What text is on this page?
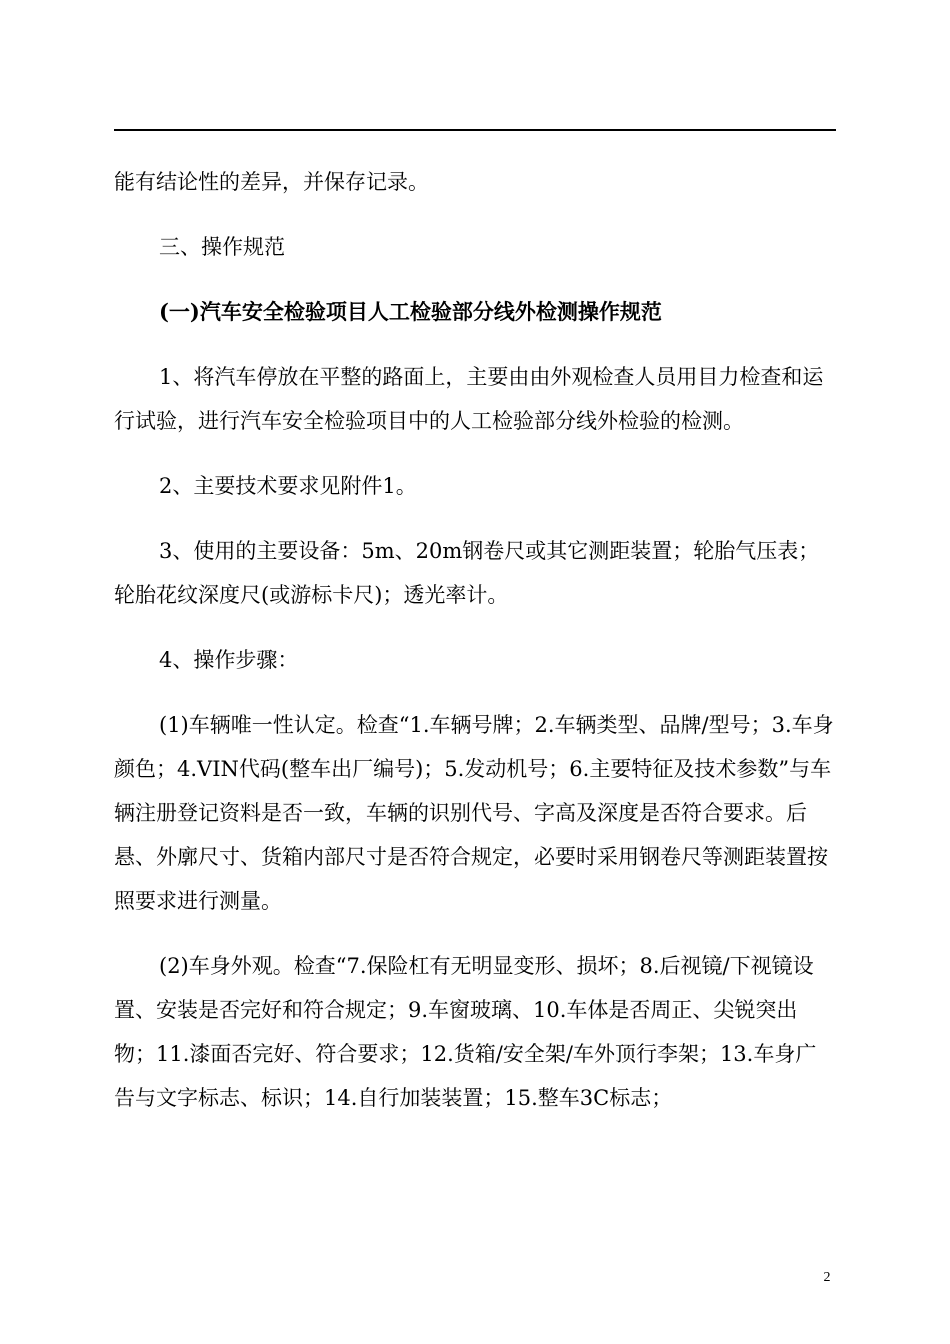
能有结论性的差异，并保存记录。

三、操作规范

(一)汽车安全检验项目人工检验部分线外检测操作规范

1、将汽车停放在平整的路面上，主要由由外观检查人员用目力检查和运行试验，进行汽车安全检验项目中的人工检验部分线外检验的检测。

2、主要技术要求见附件1。

3、使用的主要设备：5m、20m钢卷尺或其它测距装置；轮胎气压表；轮胎花纹深度尺(或游标卡尺)；透光率计。

4、操作步骤：

(1)车辆唯一性认定。检查“1.车辆号牌；2.车辆类型、品牌/型号；3.车身颜色；4.VIN代码(整车出厂编号)；5.发动机号；6.主要特征及技术参数”与车辆注册登记资料是否一致，车辆的识别代号、字高及深度是否符合要求。后悬、外廓尺寸、货箱内部尺寸是否符合规定，必要时采用钢卷尺等测距装置按照要求进行测量。

(2)车身外观。检查“7.保险杠有无明显变形、损坏；8.后视镜/下视镜设置、安装是否完好和符合规定；9.车窗玻璃、10.车体是否周正、尖锐突出物；11.漆面否完好、符合要求；12.货箱/安全架/车外顶行李架；13.车身广告与文字标志、标识；14.自行加装装置；15.整车3C标志；

2
